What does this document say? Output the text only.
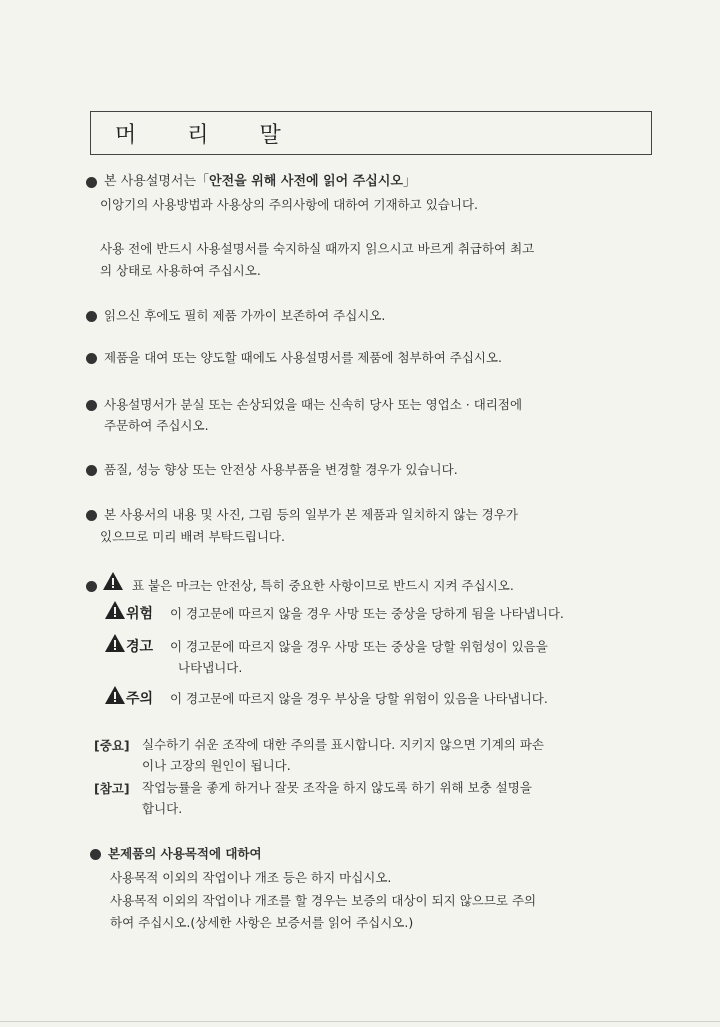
머 리 말
본 사용설명서는「안전을 위해 사전에 읽어 주십시오」
이앙기의 사용방법과 사용상의 주의사항에 대하여 기재하고 있습니다.
사용 전에 반드시 사용설명서를 숙지하실 때까지 읽으시고 바르게 취급하여 최고
의 상태로 사용하여 주십시오.
읽으신 후에도 필히 제품 가까이 보존하여 주십시오.
제품을 대여 또는 양도할 때에도 사용설명서를 제품에 첨부하여 주십시오.
사용설명서가 분실 또는 손상되었을 때는 신속히 당사 또는 영업소 · 대리점에
주문하여 주십시오.
품질, 성능 향상 또는 안전상 사용부품을 변경할 경우가 있습니다.
본 사용서의 내용 및 사진, 그림 등의 일부가 본 제품과 일치하지 않는 경우가
있으므로 미리 배려 부탁드립니다.
표 붙은 마크는 안전상, 특히 중요한 사항이므로 반드시 지켜 주십시오.
위험 이 경고문에 따르지 않을 경우 사망 또는 중상을 당하게 됨을 나타냅니다.
경고 이 경고문에 따르지 않을 경우 사망 또는 중상을 당할 위험성이 있음을
나타냅니다.
주의 이 경고문에 따르지 않을 경우 부상을 당할 위험이 있음을 나타냅니다.
[중요] 실수하기 쉬운 조작에 대한 주의를 표시합니다. 지키지 않으면 기계의 파손
이나 고장의 원인이 됩니다.
[참고] 작업능률을 좋게 하거나 잘못 조작을 하지 않도록 하기 위해 보충 설명을
합니다.
본제품의 사용목적에 대하여
사용목적 이외의 작업이나 개조 등은 하지 마십시오.
사용목적 이외의 작업이나 개조를 할 경우는 보증의 대상이 되지 않으므로 주의
하여 주십시오.(상세한 사항은 보증서를 읽어 주십시오.)
